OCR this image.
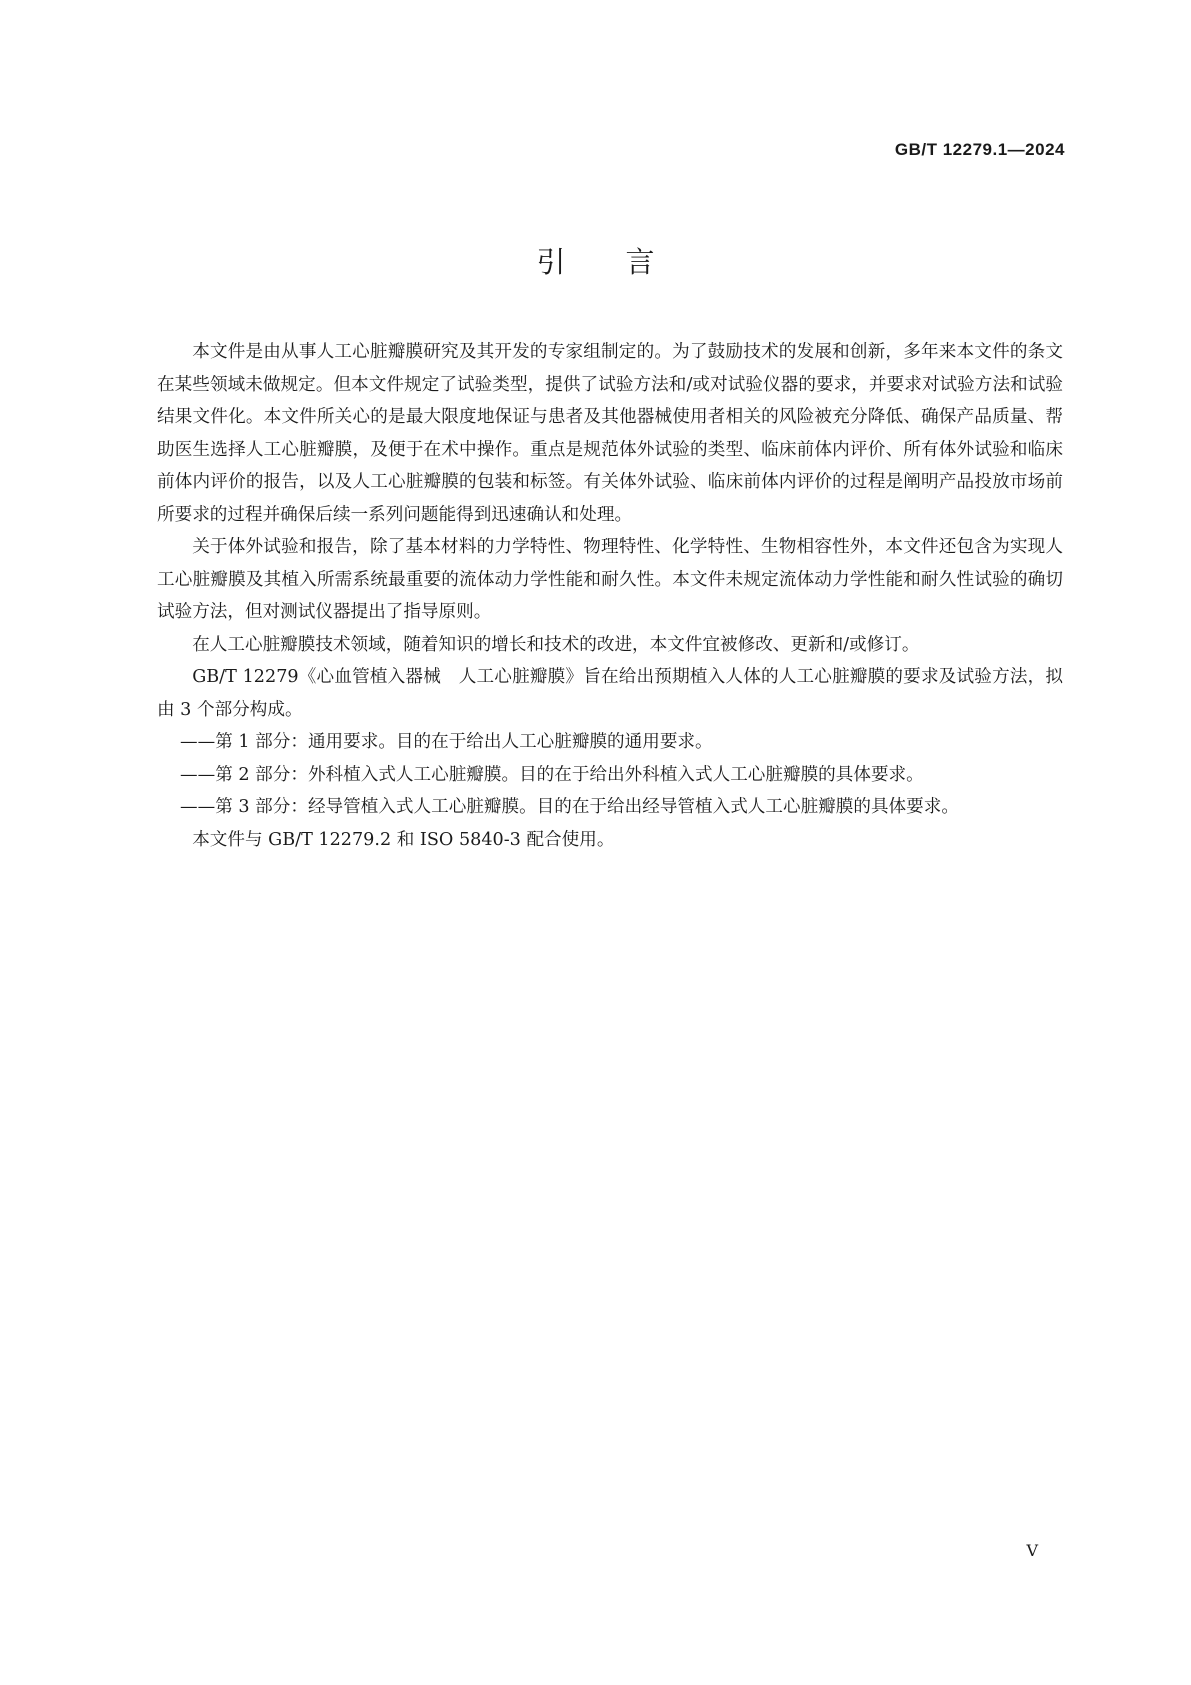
GB/T 12279.1—2024
引言

本文件是由从事人工心脏瓣膜研究及其开发的专家组制定的。为了鼓励技术的发展和创新，多年来本文件的条文在某些领域未做规定。但本文件规定了试验类型，提供了试验方法和/或对试验仪器的要求，并要求对试验方法和试验结果文件化。本文件所关心的是最大限度地保证与患者及其他器械使用者相关的风险被充分降低、确保产品质量、帮助医生选择人工心脏瓣膜，及便于在术中操作。重点是规范体外试验的类型、临床前体内评价、所有体外试验和临床前体内评价的报告，以及人工心脏瓣膜的包装和标签。有关体外试验、临床前体内评价的过程是阐明产品投放市场前所要求的过程并确保后续一系列问题能得到迅速确认和处理。

关于体外试验和报告，除了基本材料的力学特性、物理特性、化学特性、生物相容性外，本文件还包含为实现人工心脏瓣膜及其植入所需系统最重要的流体动力学性能和耐久性。本文件未规定流体动力学性能和耐久性试验的确切试验方法，但对测试仪器提出了指导原则。

在人工心脏瓣膜技术领域，随着知识的增长和技术的改进，本文件宜被修改、更新和/或修订。

GB/T 12279《心血管植入器械　人工心脏瓣膜》旨在给出预期植入人体的人工心脏瓣膜的要求及试验方法，拟由 3 个部分构成。

——第 1 部分：通用要求。目的在于给出人工心脏瓣膜的通用要求。

——第 2 部分：外科植入式人工心脏瓣膜。目的在于给出外科植入式人工心脏瓣膜的具体要求。

——第 3 部分：经导管植入式人工心脏瓣膜。目的在于给出经导管植入式人工心脏瓣膜的具体要求。

本文件与 GB/T 12279.2 和 ISO 5840-3 配合使用。

V
